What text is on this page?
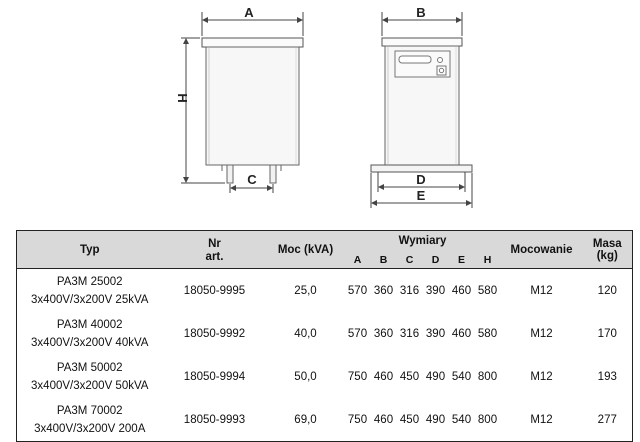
A
H
C
B
D
E
Typ	Nr	Moc (kVA)	Wymiary						Mocowanie	Masa (kg)
	art.		A	B	C	D	E	H		

PA3M 25002
3x400V/3x200V 25kVA	18050-9995	25,0	570	360	316	390	460	580	M12	120

PA3M 40002
3x400V/3x200V 40kVA	18050-9992	40,0	570	360	316	390	460	580	M12	170

PA3M 50002
3x400V/3x200V 50kVA	18050-9994	50,0	750	460	450	490	540	800	M12	193

PA3M 70002
3x400V/3x200V 200A	18050-9993	69,0	750	460	450	490	540	800	M12	277
